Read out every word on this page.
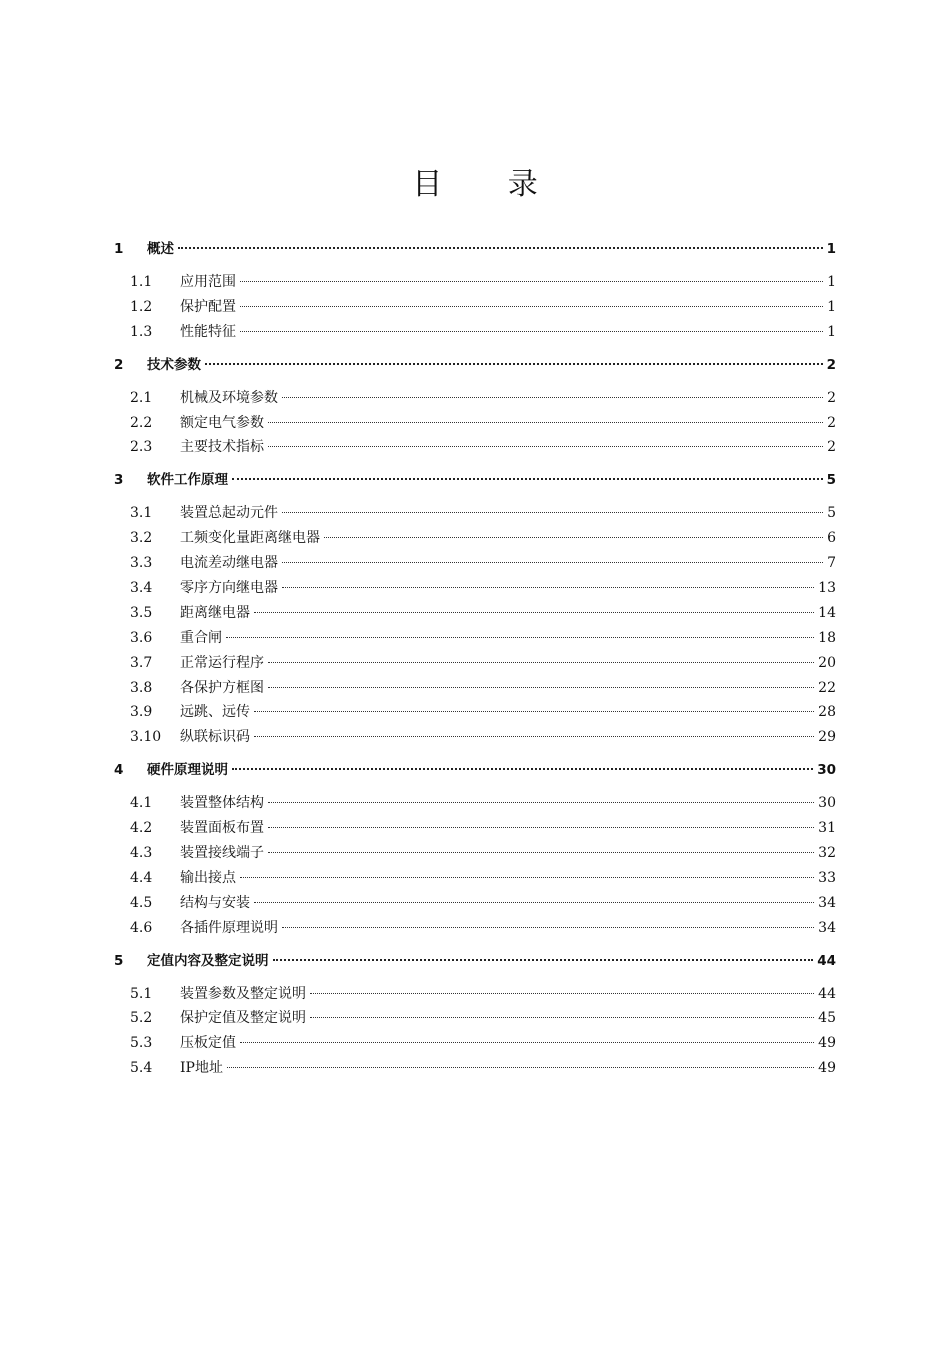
目 录
1	概述	1
1.1	应用范围	1
1.2	保护配置	1
1.3	性能特征	1
2	技术参数	2
2.1	机械及环境参数	2
2.2	额定电气参数	2
2.3	主要技术指标	2
3	软件工作原理	5
3.1	装置总起动元件	5
3.2	工频变化量距离继电器	6
3.3	电流差动继电器	7
3.4	零序方向继电器	13
3.5	距离继电器	14
3.6	重合闸	18
3.7	正常运行程序	20
3.8	各保护方框图	22
3.9	远跳、远传	28
3.10	纵联标识码	29
4	硬件原理说明	30
4.1	装置整体结构	30
4.2	装置面板布置	31
4.3	装置接线端子	32
4.4	输出接点	33
4.5	结构与安装	34
4.6	各插件原理说明	34
5	定值内容及整定说明	44
5.1	装置参数及整定说明	44
5.2	保护定值及整定说明	45
5.3	压板定值	49
5.4	IP地址	49
